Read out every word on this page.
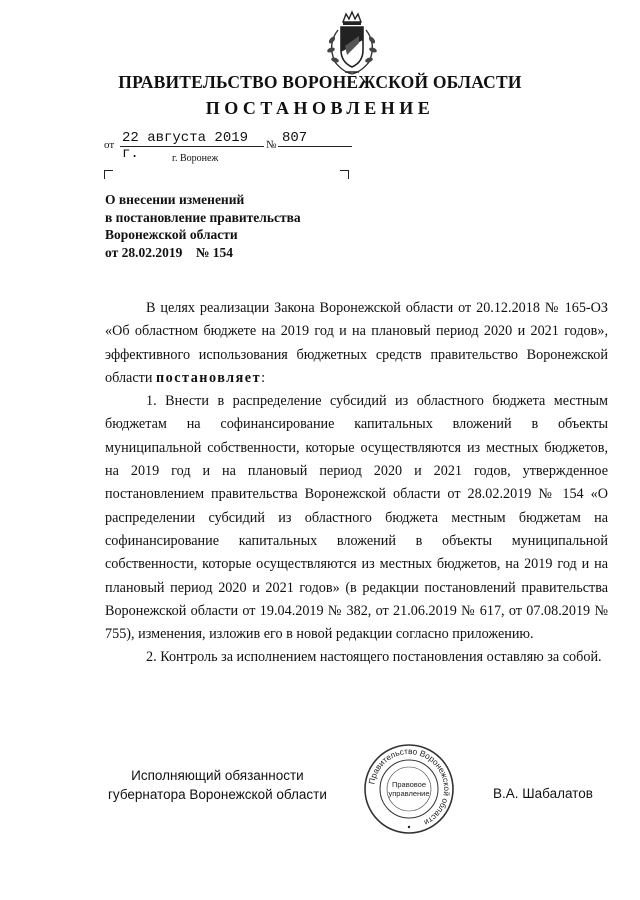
ПРАВИТЕЛЬСТВО ВОРОНЕЖСКОЙ ОБЛАСТИ
ПОСТАНОВЛЕНИЕ
от 22 августа 2019 г.
№ 807
г. Воронеж
О внесении изменений
в постановление правительства
Воронежской области
от 28.02.2019    № 154

В целях реализации Закона Воронежской области от 20.12.2018 № 165-ОЗ «Об областном бюджете на 2019 год и на плановый период 2020 и 2021 годов», эффективного использования бюджетных средств правительство Воронежской области постановляет:

1. Внести в распределение субсидий из областного бюджета местным бюджетам на софинансирование капитальных вложений в объекты муниципальной собственности, которые осуществляются из местных бюджетов, на 2019 год и на плановый период 2020 и 2021 годов, утвержденное постановлением правительства Воронежской области от 28.02.2019 № 154 «О распределении субсидий из областного бюджета местным бюджетам на софинансирование капитальных вложений в объекты муниципальной собственности, которые осуществляются из местных бюджетов, на 2019 год и на плановый период 2020 и 2021 годов» (в редакции постановлений правительства Воронежской области от 19.04.2019 № 382, от 21.06.2019 № 617, от 07.08.2019 № 755), изменения, изложив его в новой редакции согласно приложению.

2. Контроль за исполнением настоящего постановления оставляю за собой.

Исполняющий обязанности
губернатора Воронежской области
Правительство Воронежской области
Правовое
управление	В.А. Шабалатов
